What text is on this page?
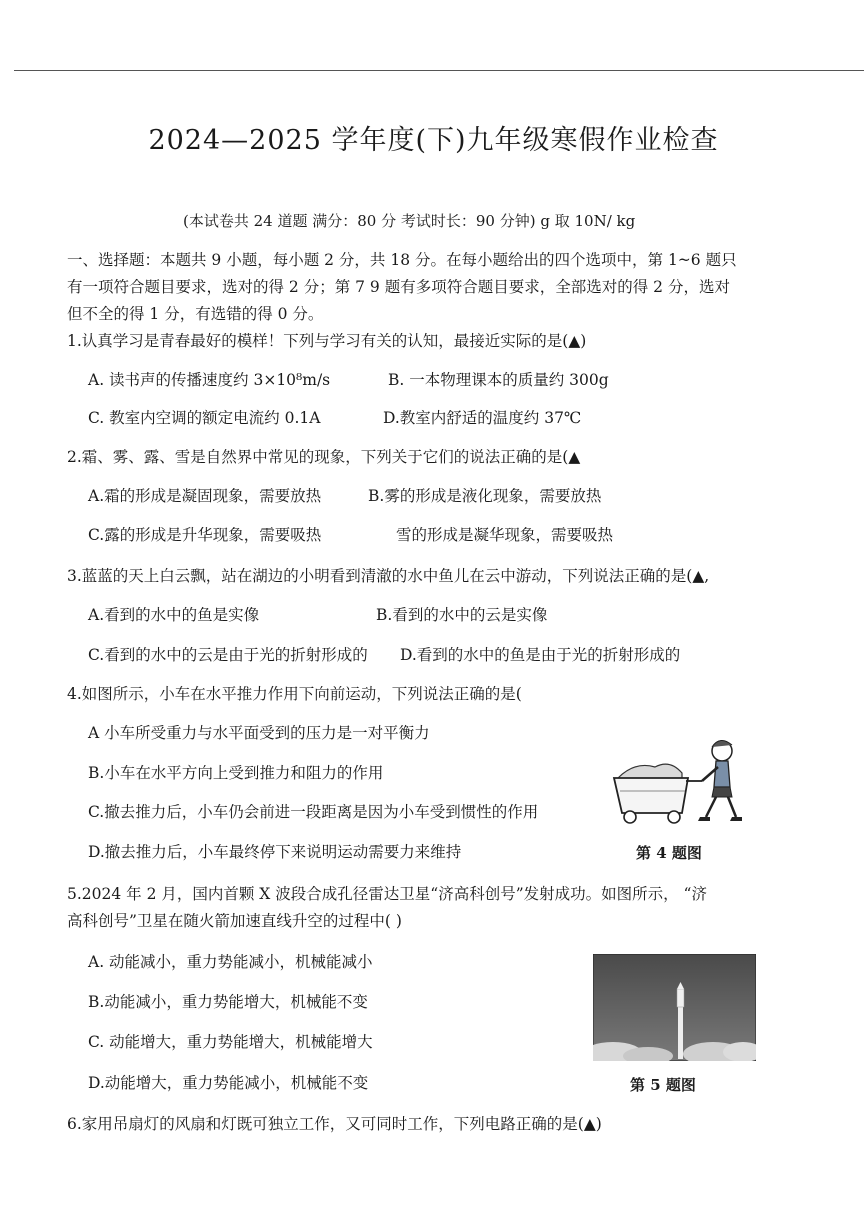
2024—2025 学年度(下)九年级寒假作业检查
(本试卷共 24 道题 满分：80 分 考试时长：90 分钟) g 取 10N/ kg
一、选择题：本题共 9 小题，每小题 2 分，共 18 分。在每小题给出的四个选项中，第 1~6 题只
有一项符合题目要求，选对的得 2 分；第 7 9 题有多项符合题目要求，全部选对的得 2 分，选对
但不全的得 1 分，有选错的得 0 分。
1.认真学习是青春最好的模样！下列与学习有关的认知，最接近实际的是(▲)
A. 读书声的传播速度约 3×10⁸m/s	B. 一本物理课本的质量约 300g
C. 教室内空调的额定电流约 0.1A	D.教室内舒适的温度约 37℃
2.霜、雾、露、雪是自然界中常见的现象，下列关于它们的说法正确的是(▲
A.霜的形成是凝固现象，需要放热	B.雾的形成是液化现象，需要放热
C.露的形成是升华现象，需要吸热	雪的形成是凝华现象，需要吸热
3.蓝蓝的天上白云飘，站在湖边的小明看到清澈的水中鱼儿在云中游动，下列说法正确的是(▲,
A.看到的水中的鱼是实像	B.看到的水中的云是实像
C.看到的水中的云是由于光的折射形成的 D.看到的水中的鱼是由于光的折射形成的
4.如图所示，小车在水平推力作用下向前运动，下列说法正确的是(
A 小车所受重力与水平面受到的压力是一对平衡力
B.小车在水平方向上受到推力和阻力的作用
C.撤去推力后，小车仍会前进一段距离是因为小车受到惯性的作用
D.撤去推力后，小车最终停下来说明运动需要力来维持	第 4 题图
5.2024 年 2 月，国内首颗 X 波段合成孔径雷达卫星“济高科创号”发射成功。如图所示， “济
高科创号”卫星在随火箭加速直线升空的过程中( )
A. 动能减小，重力势能减小，机械能减小
B.动能减小，重力势能增大，机械能不变
C. 动能增大，重力势能增大，机械能增大
D.动能增大，重力势能减小，机械能不变	第 5 题图
6.家用吊扇灯的风扇和灯既可独立工作，又可同时工作，下列电路正确的是(▲)
